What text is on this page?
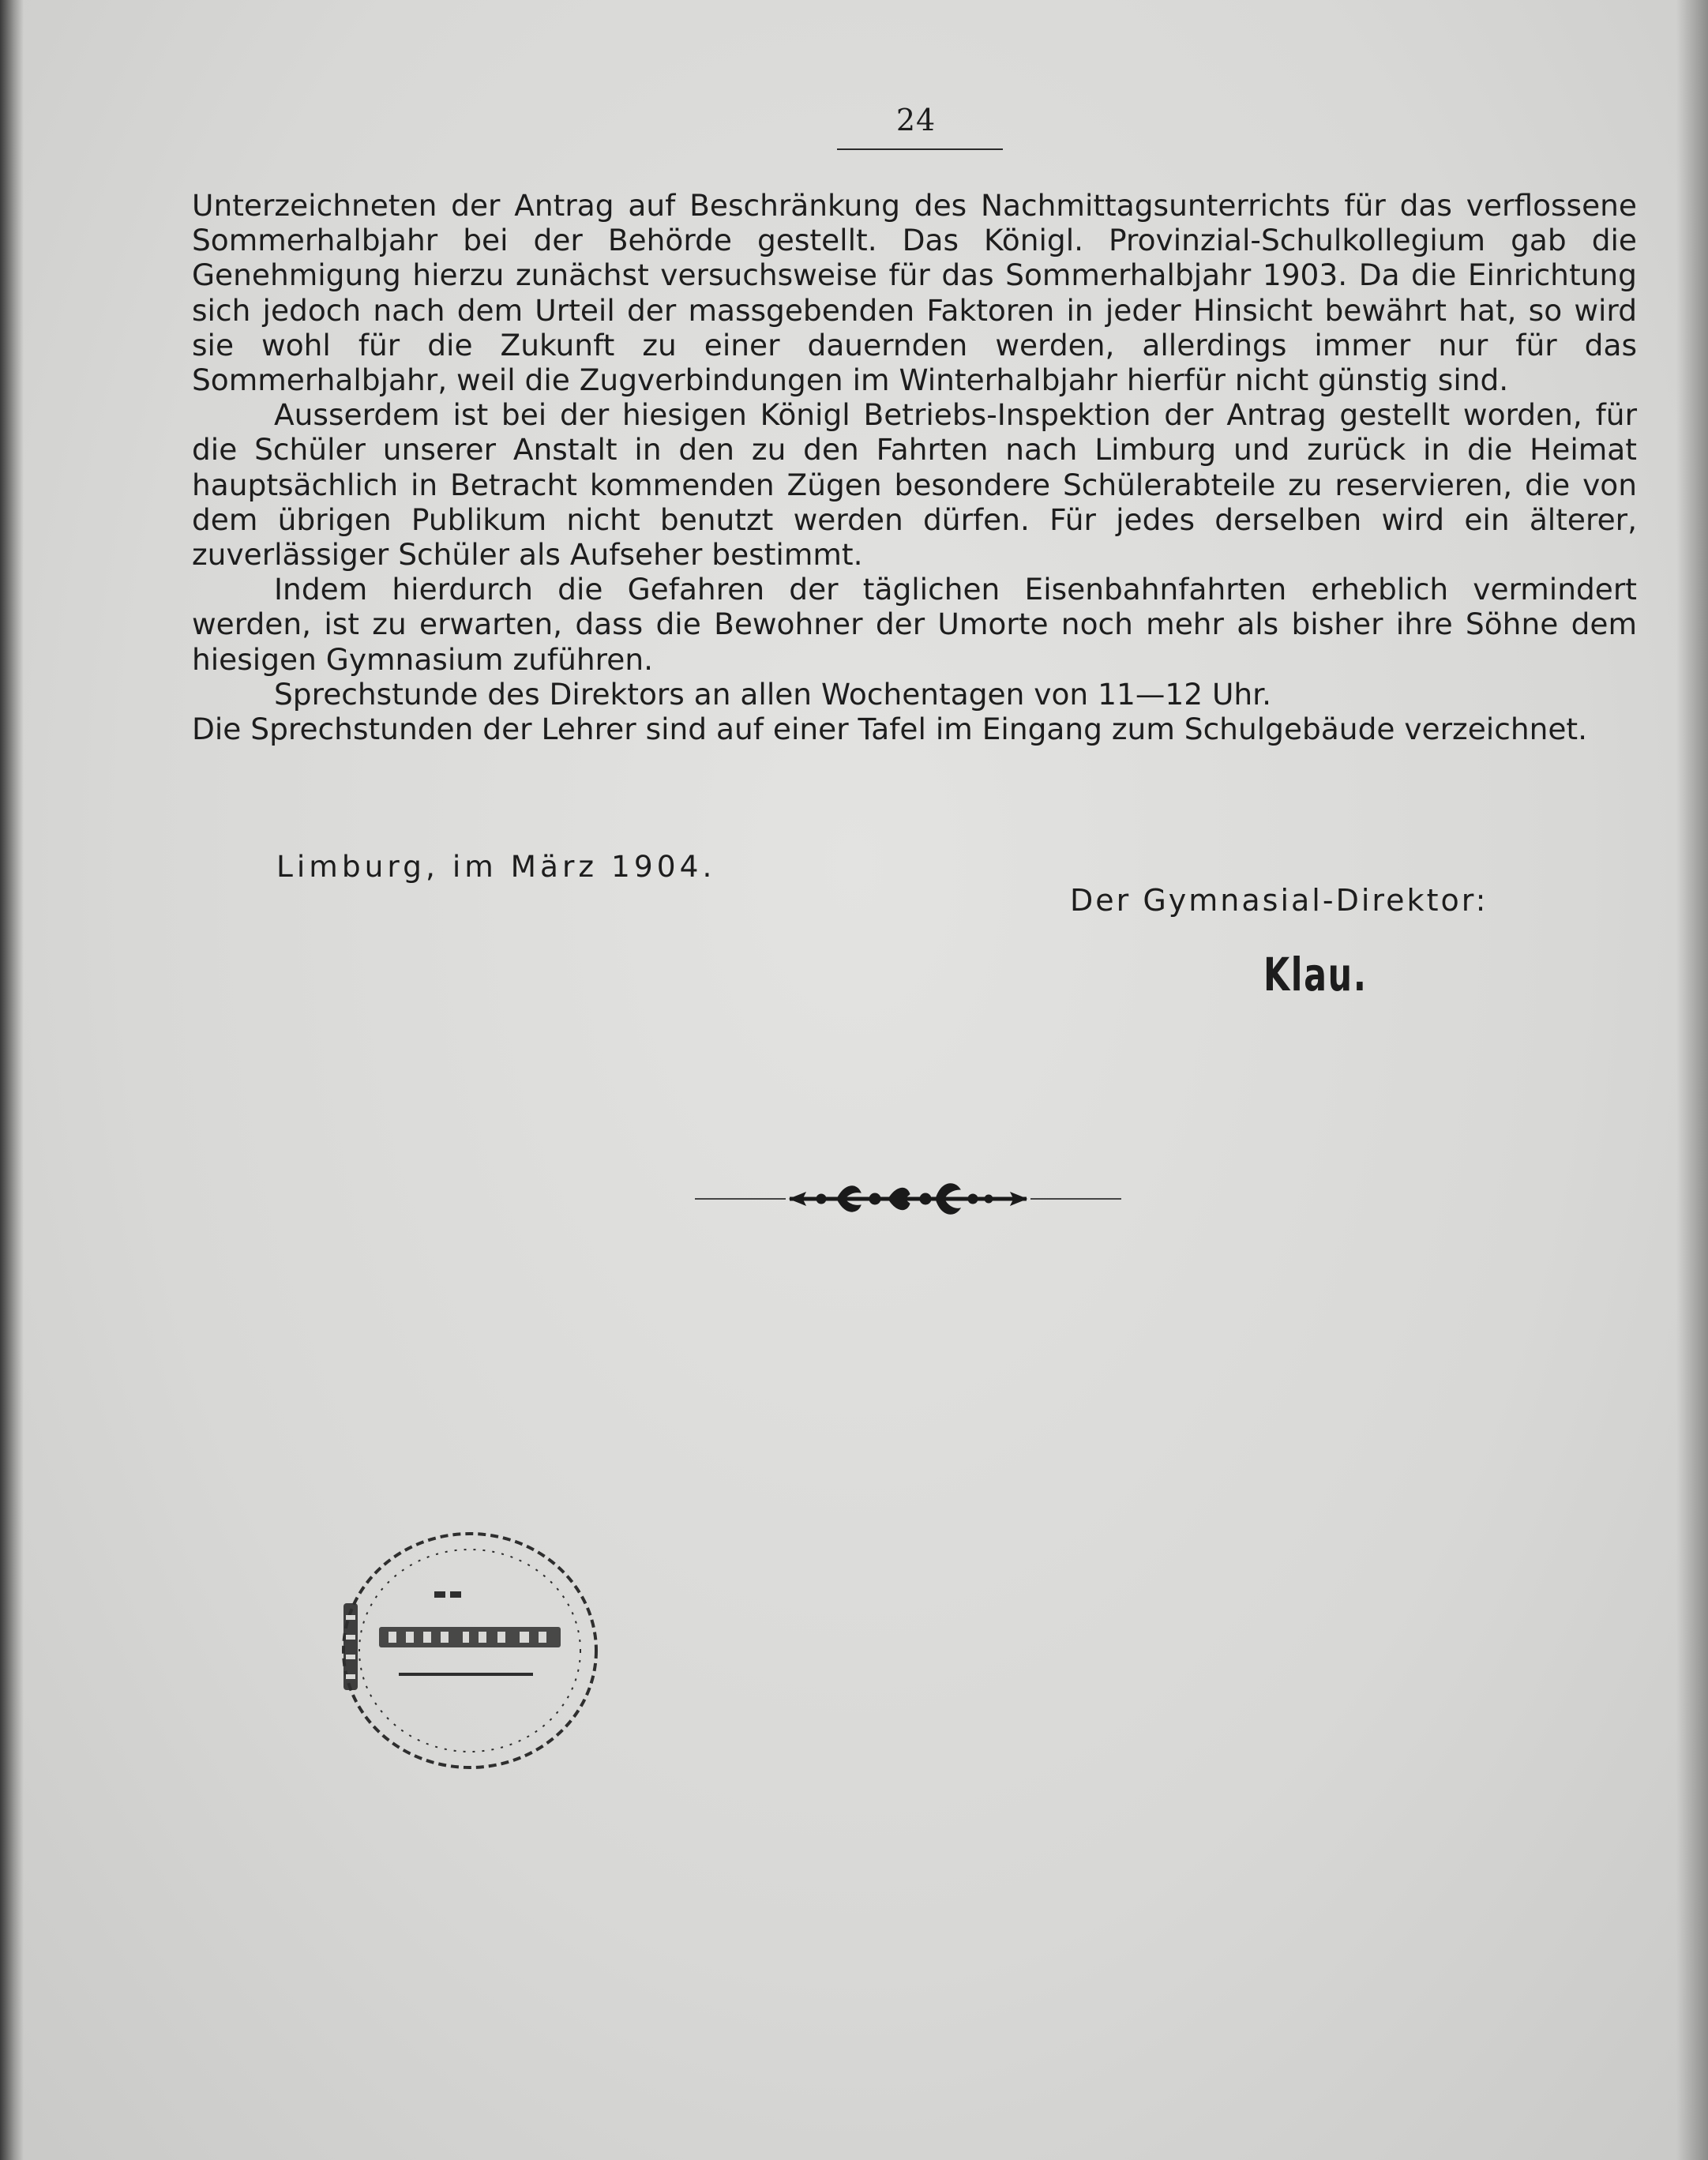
24

Unterzeichneten der Antrag auf Beschränkung des Nachmittagsunterrichts für das verflossene Sommerhalbjahr bei der Behörde gestellt. Das Königl. Provinzial-Schulkollegium gab die Genehmigung hierzu zunächst versuchsweise für das Sommerhalbjahr 1903. Da die Einrichtung sich jedoch nach dem Urteil der massgebenden Faktoren in jeder Hinsicht bewährt hat, so wird sie wohl für die Zukunft zu einer dauernden werden, allerdings immer nur für das Sommerhalbjahr, weil die Zugverbindungen im Winterhalbjahr hierfür nicht günstig sind.

Ausserdem ist bei der hiesigen Königl Betriebs-Inspektion der Antrag gestellt worden, für die Schüler unserer Anstalt in den zu den Fahrten nach Limburg und zurück in die Heimat hauptsächlich in Betracht kommenden Zügen besondere Schülerabteile zu reservieren, die von dem übrigen Publikum nicht benutzt werden dürfen. Für jedes derselben wird ein älterer, zuverlässiger Schüler als Aufseher bestimmt.

Indem hierdurch die Gefahren der täglichen Eisenbahnfahrten erheblich vermindert werden, ist zu erwarten, dass die Bewohner der Umorte noch mehr als bisher ihre Söhne dem hiesigen Gymnasium zuführen.

Sprechstunde des Direktors an allen Wochentagen von 11—12 Uhr.

Die Sprechstunden der Lehrer sind auf einer Tafel im Eingang zum Schulgebäude verzeichnet.

Limburg, im März 1904.
Der Gymnasial-Direktor:
Klau.
